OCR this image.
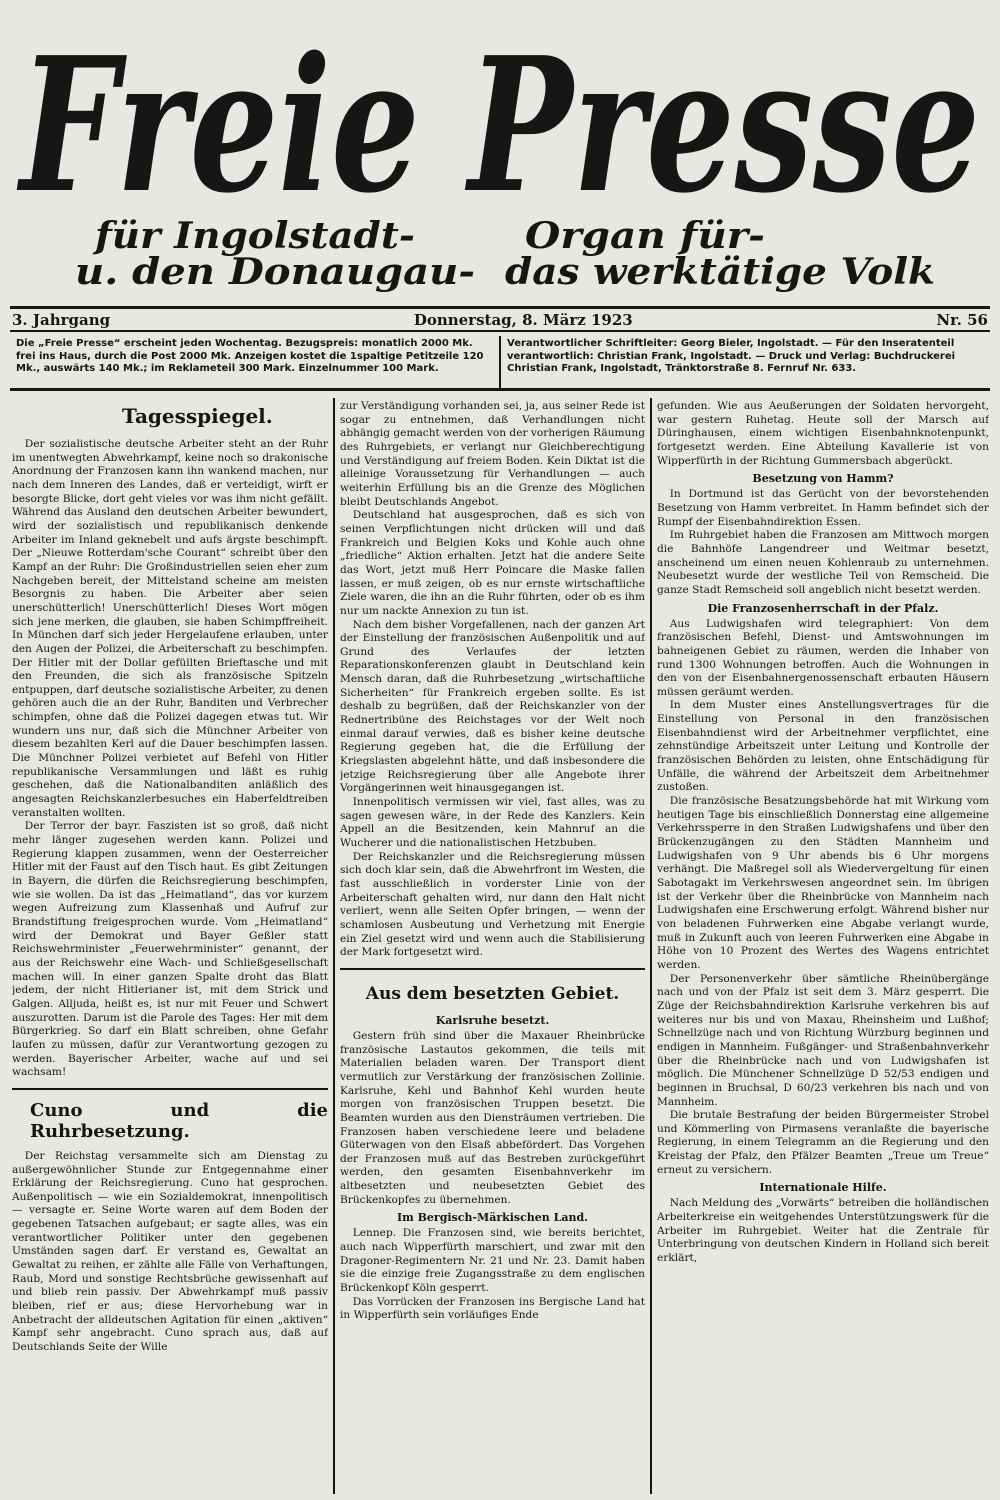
Freie Presse
für Ingolstadt-
u. den Donaugau-
Organ für-
das werktätige Volk
3. Jahrgang	Donnerstag, 8. März 1923	Nr. 56
Die „Freie Presse“ erscheint jeden Wochentag. Bezugspreis: monatlich 2000 Mk. frei ins Haus, durch die Post 2000 Mk. Anzeigen kostet die 1spaltige Petitzeile 120 Mk., auswärts 140 Mk.; im Reklameteil 300 Mark. Einzelnummer 100 Mark.
Verantwortlicher Schriftleiter: Georg Bieler, Ingolstadt. — Für den Inseratenteil verantwortlich: Christian Frank, Ingolstadt. — Druck und Verlag: Buchdruckerei Christian Frank, Ingolstadt, Tränktorstraße 8. Fernruf Nr. 633.
Tagesspiegel.

Der sozialistische deutsche Arbeiter steht an der Ruhr im unentwegten Abwehrkampf, keine noch so drakonische Anordnung der Franzosen kann ihn wankend machen, nur nach dem Inneren des Landes, daß er verteidigt, wirft er besorgte Blicke, dort geht vieles vor was ihm nicht gefällt. Während das Ausland den deutschen Arbeiter bewundert, wird der sozialistisch und republikanisch denkende Arbeiter im Inland geknebelt und aufs ärgste beschimpft. Der „Nieuwe Rotterdam'sche Courant“ schreibt über den Kampf an der Ruhr: Die Großindustriellen seien eher zum Nachgeben bereit, der Mittelstand scheine am meisten Besorgnis zu haben. Die Arbeiter aber seien unerschütterlich! Unerschütterlich! Dieses Wort mögen sich jene merken, die glauben, sie haben Schimpffreiheit. In München darf sich jeder Hergelaufene erlauben, unter den Augen der Polizei, die Arbeiterschaft zu beschimpfen. Der Hitler mit der Dollar gefüllten Brieftasche und mit den Freunden, die sich als französische Spitzeln entpuppen, darf deutsche sozialistische Arbeiter, zu denen gehören auch die an der Ruhr, Banditen und Verbrecher schimpfen, ohne daß die Polizei dagegen etwas tut. Wir wundern uns nur, daß sich die Münchner Arbeiter von diesem bezahlten Kerl auf die Dauer beschimpfen lassen. Die Münchner Polizei verbietet auf Befehl von Hitler republikanische Versammlungen und läßt es ruhig geschehen, daß die Nationalbanditen anläßlich des angesagten Reichskanzlerbesuches ein Haberfeldtreiben veranstalten wollten.

Der Terror der bayr. Faszisten ist so groß, daß nicht mehr länger zugesehen werden kann. Polizei und Regierung klappen zusammen, wenn der Oesterreicher Hitler mit der Faust auf den Tisch haut. Es gibt Zeitungen in Bayern, die dürfen die Reichsregierung beschimpfen, wie sie wollen. Da ist das „Heimatland“, das vor kurzem wegen Aufreizung zum Klassenhaß und Aufruf zur Brandstiftung freigesprochen wurde. Vom „Heimatland“ wird der Demokrat und Bayer Geßler statt Reichswehrminister „Feuerwehrminister“ genannt, der aus der Reichswehr eine Wach- und Schließgesellschaft machen will. In einer ganzen Spalte droht das Blatt jedem, der nicht Hitlerianer ist, mit dem Strick und Galgen. Alljuda, heißt es, ist nur mit Feuer und Schwert auszurotten. Darum ist die Parole des Tages: Her mit dem Bürgerkrieg. So darf ein Blatt schreiben, ohne Gefahr laufen zu müssen, dafür zur Verantwortung gezogen zu werden. Bayerischer Arbeiter, wache auf und sei wachsam!

Cuno und die Ruhrbesetzung.

Der Reichstag versammelte sich am Dienstag zu außergewöhnlicher Stunde zur Entgegennahme einer Erklärung der Reichsregierung. Cuno hat gesprochen. Außenpolitisch — wie ein Sozialdemokrat, innenpolitisch — versagte er. Seine Worte waren auf dem Boden der gegebenen Tatsachen aufgebaut; er sagte alles, was ein verantwortlicher Politiker unter den gegebenen Umständen sagen darf. Er verstand es, Gewaltat an Gewaltat zu reihen, er zählte alle Fälle von Verhaftungen, Raub, Mord und sonstige Rechtsbrüche gewissenhaft auf und blieb rein passiv. Der Abwehrkampf muß passiv bleiben, rief er aus; diese Hervorhebung war in Anbetracht der alldeutschen Agitation für einen „aktiven“ Kampf sehr angebracht. Cuno sprach aus, daß auf Deutschlands Seite der Wille

zur Verständigung vorhanden sei, ja, aus seiner Rede ist sogar zu entnehmen, daß Verhandlungen nicht abhängig gemacht werden von der vorherigen Räumung des Ruhrgebiets, er verlangt nur Gleichberechtigung und Verständigung auf freiem Boden. Kein Diktat ist die alleinige Voraussetzung für Verhandlungen — auch weiterhin Erfüllung bis an die Grenze des Möglichen bleibt Deutschlands Angebot.

Deutschland hat ausgesprochen, daß es sich von seinen Verpflichtungen nicht drücken will und daß Frankreich und Belgien Koks und Kohle auch ohne „friedliche“ Aktion erhalten. Jetzt hat die andere Seite das Wort, jetzt muß Herr Poincare die Maske fallen lassen, er muß zeigen, ob es nur ernste wirtschaftliche Ziele waren, die ihn an die Ruhr führten, oder ob es ihm nur um nackte Annexion zu tun ist.

Nach dem bisher Vorgefallenen, nach der ganzen Art der Einstellung der französischen Außenpolitik und auf Grund des Verlaufes der letzten Reparationskonferenzen glaubt in Deutschland kein Mensch daran, daß die Ruhrbesetzung „wirtschaftliche Sicherheiten“ für Frankreich ergeben sollte. Es ist deshalb zu begrüßen, daß der Reichskanzler von der Rednertribüne des Reichstages vor der Welt noch einmal darauf verwies, daß es bisher keine deutsche Regierung gegeben hat, die die Erfüllung der Kriegslasten abgelehnt hätte, und daß insbesondere die jetzige Reichsregierung über alle Angebote ihrer Vorgängerinnen weit hinausgegangen ist.

Innenpolitisch vermissen wir viel, fast alles, was zu sagen gewesen wäre, in der Rede des Kanzlers. Kein Appell an die Besitzenden, kein Mahnruf an die Wucherer und die nationalistischen Hetzbuben.

Der Reichskanzler und die Reichsregierung müssen sich doch klar sein, daß die Abwehrfront im Westen, die fast ausschließlich in vorderster Linie von der Arbeiterschaft gehalten wird, nur dann den Halt nicht verliert, wenn alle Seiten Opfer bringen, — wenn der schamlosen Ausbeutung und Verhetzung mit Energie ein Ziel gesetzt wird und wenn auch die Stabilisierung der Mark fortgesetzt wird.

Aus dem besetzten Gebiet.
Karlsruhe besetzt.

Gestern früh sind über die Maxauer Rheinbrücke französische Lastautos gekommen, die teils mit Materialien beladen waren. Der Transport dient vermutlich zur Verstärkung der französischen Zollinie. Karlsruhe, Kehl und Bahnhof Kehl wurden heute morgen von französischen Truppen besetzt. Die Beamten wurden aus den Diensträumen vertrieben. Die Franzosen haben verschiedene leere und beladene Güterwagen von den Elsaß abbefördert. Das Vorgehen der Franzosen muß auf das Bestreben zurückgeführt werden, den gesamten Eisenbahnverkehr im altbesetzten und neubesetzten Gebiet des Brückenkopfes zu übernehmen.

Im Bergisch-Märkischen Land.

Lennep. Die Franzosen sind, wie bereits berichtet, auch nach Wipperfürth marschiert, und zwar mit den Dragoner-Regimentern Nr. 21 und Nr. 23. Damit haben sie die einzige freie Zugangsstraße zu dem englischen Brückenkopf Köln gesperrt.

Das Vorrücken der Franzosen ins Bergische Land hat in Wipperfürth sein vorläufiges Ende

gefunden. Wie aus Aeußerungen der Soldaten hervorgeht, war gestern Ruhetag. Heute soll der Marsch auf Düringhausen, einem wichtigen Eisenbahnknotenpunkt, fortgesetzt werden. Eine Abteilung Kavallerie ist von Wipperfürth in der Richtung Gummersbach abgerückt.

Besetzung von Hamm?

In Dortmund ist das Gerücht von der bevorstehenden Besetzung von Hamm verbreitet. In Hamm befindet sich der Rumpf der Eisenbahndirektion Essen.

Im Ruhrgebiet haben die Franzosen am Mittwoch morgen die Bahnhöfe Langendreer und Weitmar besetzt, anscheinend um einen neuen Kohlenraub zu unternehmen. Neubesetzt wurde der westliche Teil von Remscheid. Die ganze Stadt Remscheid soll angeblich nicht besetzt werden.

Die Franzosenherrschaft in der Pfalz.

Aus Ludwigshafen wird telegraphiert: Von dem französischen Befehl, Dienst- und Amtswohnungen im bahneigenen Gebiet zu räumen, werden die Inhaber von rund 1300 Wohnungen betroffen. Auch die Wohnungen in den von der Eisenbahnergenossenschaft erbauten Häusern müssen geräumt werden.

In dem Muster eines Anstellungsvertrages für die Einstellung von Personal in den französischen Eisenbahndienst wird der Arbeitnehmer verpflichtet, eine zehnstündige Arbeitszeit unter Leitung und Kontrolle der französischen Behörden zu leisten, ohne Entschädigung für Unfälle, die während der Arbeitszeit dem Arbeitnehmer zustoßen.

Die französische Besatzungsbehörde hat mit Wirkung vom heutigen Tage bis einschließlich Donnerstag eine allgemeine Verkehrssperre in den Straßen Ludwigshafens und über den Brückenzugängen zu den Städten Mannheim und Ludwigshafen von 9 Uhr abends bis 6 Uhr morgens verhängt. Die Maßregel soll als Wiedervergeltung für einen Sabotagakt im Verkehrswesen angeordnet sein. Im übrigen ist der Verkehr über die Rheinbrücke von Mannheim nach Ludwigshafen eine Erschwerung erfolgt. Während bisher nur von beladenen Fuhrwerken eine Abgabe verlangt wurde, muß in Zukunft auch von leeren Fuhrwerken eine Abgabe in Höhe von 10 Prozent des Wertes des Wagens entrichtet werden.

Der Personenverkehr über sämtliche Rheinübergänge nach und von der Pfalz ist seit dem 3. März gesperrt. Die Züge der Reichsbahndirektion Karlsruhe verkehren bis auf weiteres nur bis und von Maxau, Rheinsheim und Lußhof; Schnellzüge nach und von Richtung Würzburg beginnen und endigen in Mannheim. Fußgänger- und Straßenbahnverkehr über die Rheinbrücke nach und von Ludwigshafen ist möglich. Die Münchener Schnellzüge D 52/53 endigen und beginnen in Bruchsal, D 60/23 verkehren bis nach und von Mannheim.

Die brutale Bestrafung der beiden Bürgermeister Strobel und Kömmerling von Pirmasens veranlaßte die bayerische Regierung, in einem Telegramm an die Regierung und den Kreistag der Pfalz, den Pfälzer Beamten „Treue um Treue“ erneut zu versichern.

Internationale Hilfe.

Nach Meldung des „Vorwärts“ betreiben die holländischen Arbeiterkreise ein weitgehendes Unterstützungswerk für die Arbeiter im Ruhrgebiet. Weiter hat die Zentrale für Unterbringung von deutschen Kindern in Holland sich bereit erklärt,
